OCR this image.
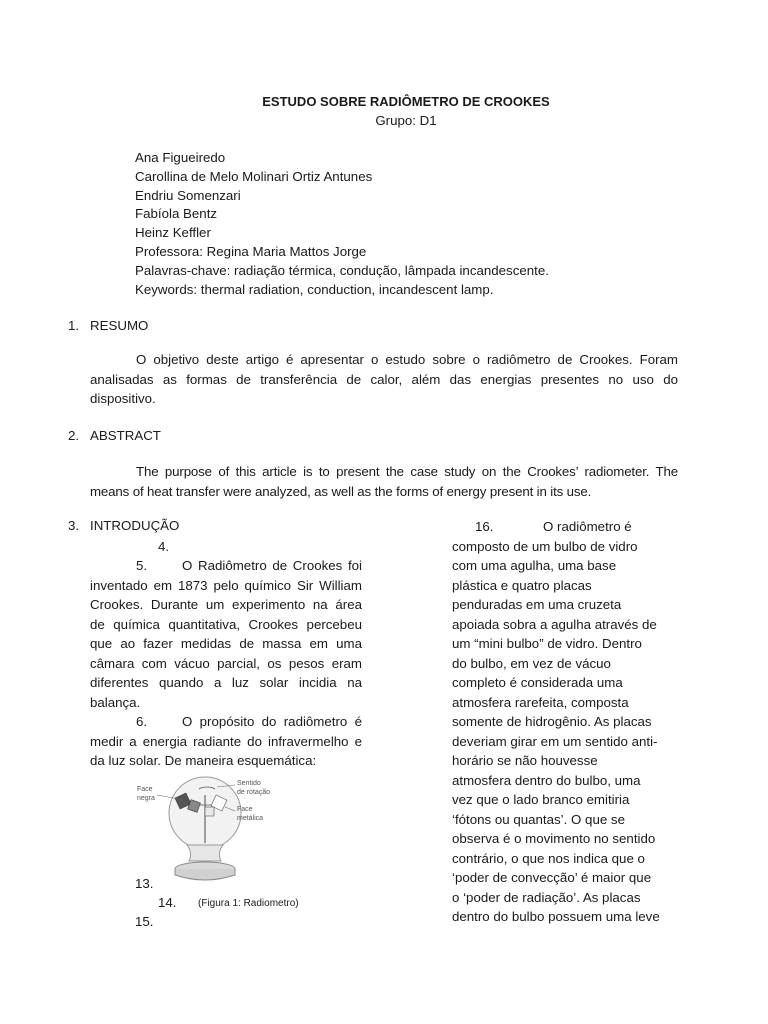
ESTUDO SOBRE RADIÔMETRO DE CROOKES
Grupo: D1
Ana Figueiredo
Carollina de Melo Molinari Ortiz Antunes
Endriu Somenzari
Fabíola Bentz
Heinz Keffler
Professora: Regina Maria Mattos Jorge
Palavras-chave: radiação térmica, condução, lâmpada incandescente.
Keywords: thermal radiation, conduction, incandescent lamp.
1. RESUMO
O objetivo deste artigo é apresentar o estudo sobre o radiômetro de Crookes. Foram
analisadas as formas de transferência de calor, além das energias presentes no uso do
dispositivo.
2. ABSTRACT
The purpose of this article is to present the case study on the Crookes’ radiometer. The
means of heat transfer were analyzed, as well as the forms of energy present in its use.
3. INTRODUÇÃO
4.
5.	O Radiômetro de Crookes foi
inventado em 1873 pelo químico Sir William
Crookes. Durante um experimento na área
de química quantitativa, Crookes percebeu
que ao fazer medidas de massa em uma
câmara com vácuo parcial, os pesos eram
diferentes quando a luz solar incidia na
balança.
6.	O propósito do radiômetro é
medir a energia radiante do infravermelho e
da luz solar. De maneira esquemática:
Face
negra
Sentido
de rotação
Face
metálica
13.
14. (Figura 1: Radiometro)
15.
16.	O radiômetro é
composto de um bulbo de vidro
com uma agulha, uma base
plástica e quatro placas
penduradas em uma cruzeta
apoiada sobra a agulha através de
um “mini bulbo” de vidro. Dentro
do bulbo, em vez de vácuo
completo é considerada uma
atmosfera rarefeita, composta
somente de hidrogênio. As placas
deveriam girar em um sentido anti-
horário se não houvesse
atmosfera dentro do bulbo, uma
vez que o lado branco emitiria
‘fótons ou quantas’. O que se
observa é o movimento no sentido
contrário, o que nos indica que o
‘poder de convecção’ é maior que
o ‘poder de radiação’. As placas
dentro do bulbo possuem uma leve
